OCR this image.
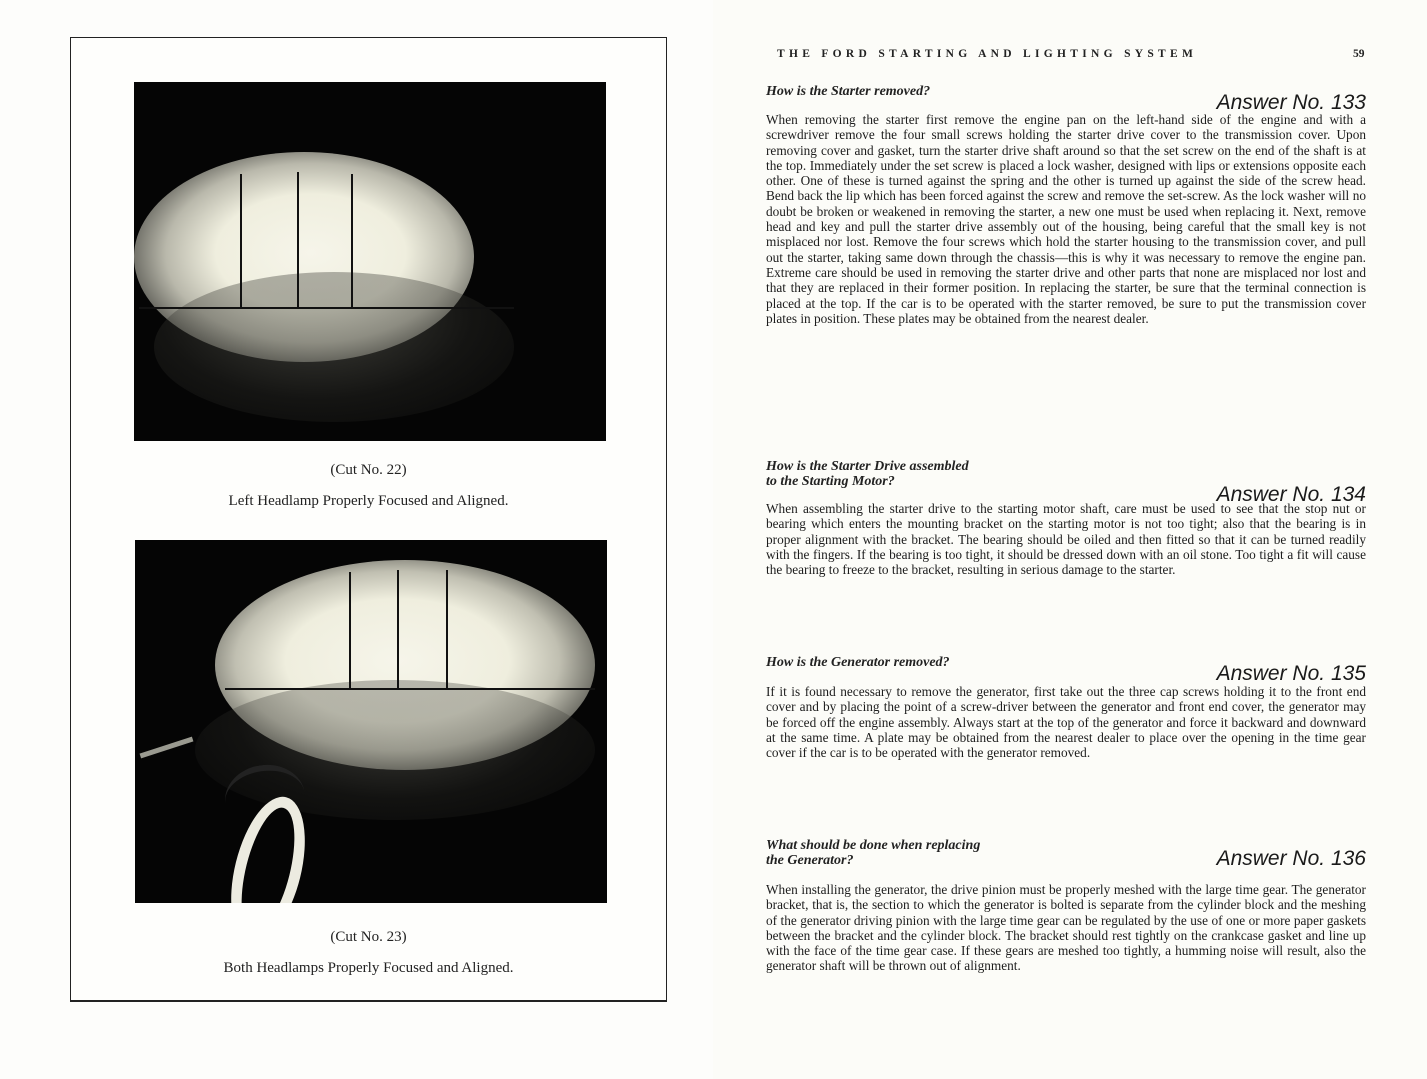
(Cut No. 22)
Left Headlamp Properly Focused and Aligned.
(Cut No. 23)
Both Headlamps Properly Focused and Aligned.
THE FORD STARTING AND LIGHTING SYSTEM	59
How is the Starter removed?	Answer No. 133
When removing the starter first remove the engine pan on the left-hand side of the engine and with a screwdriver remove the four small screws holding the starter drive cover to the transmission cover. Upon removing cover and gasket, turn the starter drive shaft around so that the set screw on the end of the shaft is at the top. Immediately under the set screw is placed a lock washer, designed with lips or extensions opposite each other. One of these is turned against the spring and the other is turned up against the side of the screw head. Bend back the lip which has been forced against the screw and remove the set-screw. As the lock washer will no doubt be broken or weakened in removing the starter, a new one must be used when replacing it. Next, remove head and key and pull the starter drive assembly out of the housing, being careful that the small key is not misplaced nor lost. Remove the four screws which hold the starter housing to the transmission cover, and pull out the starter, taking same down through the chassis—this is why it was necessary to remove the engine pan. Extreme care should be used in removing the starter drive and other parts that none are misplaced nor lost and that they are replaced in their former position. In replacing the starter, be sure that the terminal connection is placed at the top. If the car is to be operated with the starter removed, be sure to put the transmission cover plates in position. These plates may be obtained from the nearest dealer.
How is the Starter Drive assembled to the Starting Motor?
Answer No. 134
When assembling the starter drive to the starting motor shaft, care must be used to see that the stop nut or bearing which enters the mounting bracket on the starting motor is not too tight; also that the bearing is in proper alignment with the bracket. The bearing should be oiled and then fitted so that it can be turned readily with the fingers. If the bearing is too tight, it should be dressed down with an oil stone. Too tight a fit will cause the bearing to freeze to the bracket, resulting in serious damage to the starter.
How is the Generator removed?	Answer No. 135
If it is found necessary to remove the generator, first take out the three cap screws holding it to the front end cover and by placing the point of a screw-driver between the generator and front end cover, the generator may be forced off the engine assembly. Always start at the top of the generator and force it backward and downward at the same time. A plate may be obtained from the nearest dealer to place over the opening in the time gear cover if the car is to be operated with the generator removed.
What should be done when replacing the Generator?	Answer No. 136
When installing the generator, the drive pinion must be properly meshed with the large time gear. The generator bracket, that is, the section to which the generator is bolted is separate from the cylinder block and the meshing of the generator driving pinion with the large time gear can be regulated by the use of one or more paper gaskets between the bracket and the cylinder block. The bracket should rest tightly on the crankcase gasket and line up with the face of the time gear case. If these gears are meshed too tightly, a humming noise will result, also the generator shaft will be thrown out of alignment.
